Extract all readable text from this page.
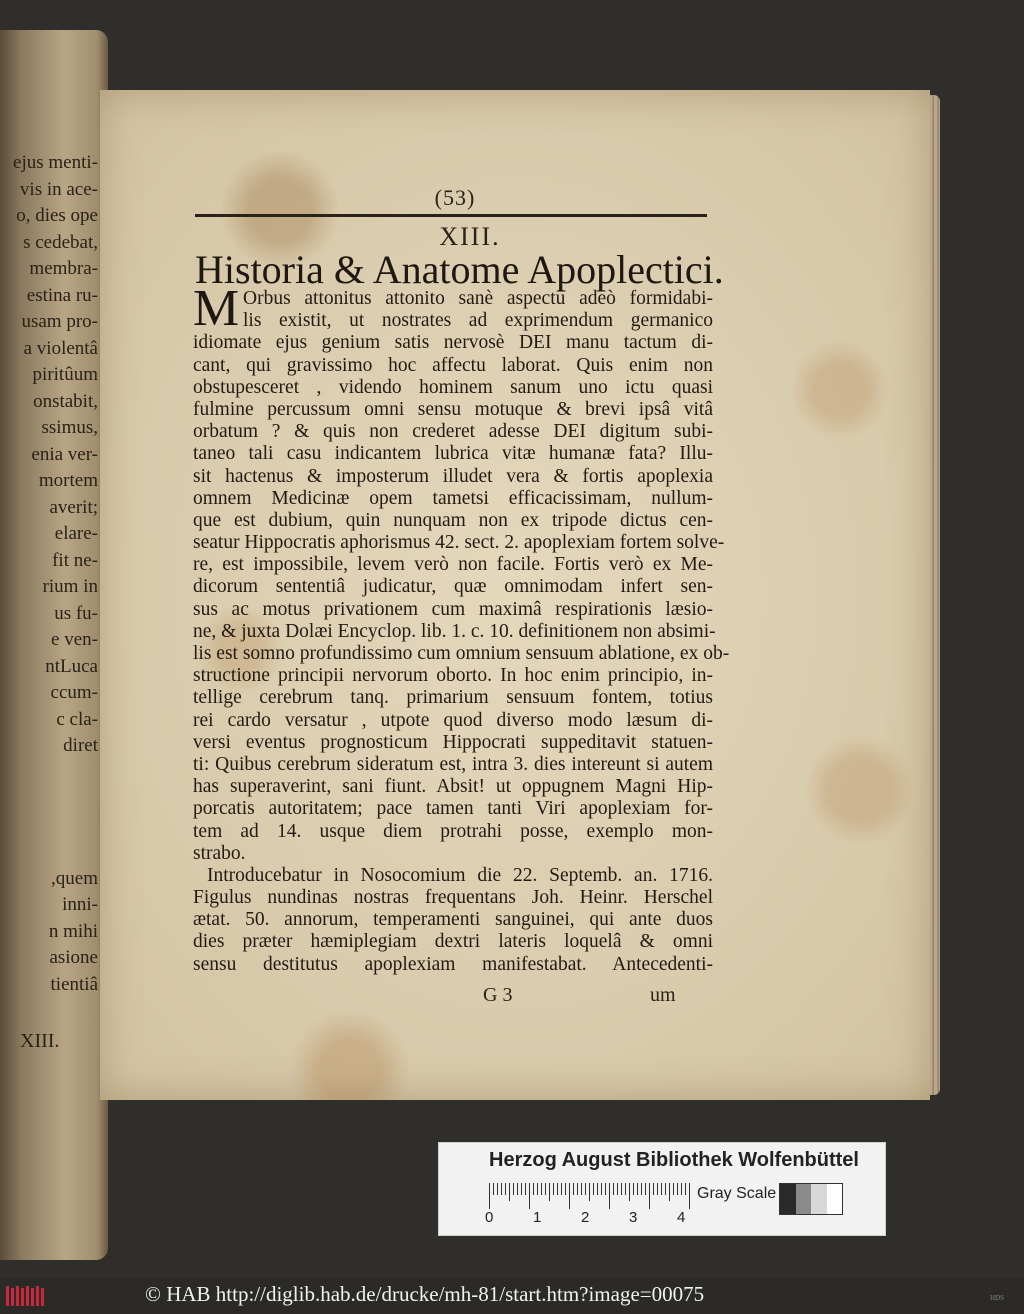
ejus menti-
vis in ace-
o, dies ope
s cedebat,
membra-
estina ru-
usam pro-
a violentâ
piritûum
onstabit,
ssimus,
enia ver-
mortem
averit;
elare-
fit ne-
rium in
us fu-
e ven-
ntLuca
ccum-
c cla-
diret
,quem
inni-
n mihi
asione
tientiâ
XIII.
(53)
XIII.
Historia & Anatome Apoplectici.
M Orbus attonitus attonito sanè aspectu adeò formidabi-
lis existit, ut nostrates ad exprimendum germanico
idiomate ejus genium satis nervosè DEI manu tactum di-
cant, qui gravissimo hoc affectu laborat. Quis enim non
obstupesceret , videndo hominem sanum uno ictu quasi
fulmine percussum omni sensu motuque & brevi ipsâ vitâ
orbatum ? & quis non crederet adesse DEI digitum subi-
taneo tali casu indicantem lubrica vitæ humanæ fata? Illu-
sit hactenus & imposterum illudet vera & fortis apoplexia
omnem Medicinæ opem tametsi efficacissimam, nullum-
que est dubium, quin nunquam non ex tripode dictus cen-
seatur Hippocratis aphorismus 42. sect. 2. apoplexiam fortem solve-
re, est impossibile, levem verò non facile. Fortis verò ex Me-
dicorum sententiâ judicatur, quæ omnimodam infert sen-
sus ac motus privationem cum maximâ respirationis læsio-
ne, & juxta Dolæi Encyclop. lib. 1. c. 10. definitionem non absimi-
lis est somno profundissimo cum omnium sensuum ablatione, ex ob-
structione principii nervorum oborto. In hoc enim principio, in-
tellige cerebrum tanq. primarium sensuum fontem, totius
rei cardo versatur , utpote quod diverso modo læsum di-
versi eventus prognosticum Hippocrati suppeditavit statuen-
ti: Quibus cerebrum sideratum est, intra 3. dies intereunt si autem
has superaverint, sani fiunt. Absit! ut oppugnem Magni Hip-
porcatis autoritatem; pace tamen tanti Viri apoplexiam for-
tem ad 14. usque diem protrahi posse, exemplo mon-
strabo.
Introducebatur in Nosocomium die 22. Septemb. an. 1716.
Figulus nundinas nostras frequentans Joh. Heinr. Herschel
ætat. 50. annorum, temperamenti sanguinei, qui ante duos
dies præter hæmiplegiam dextri lateris loquelâ & omni
sensu destitutus apoplexiam manifestabat. Antecedenti-
G 3	um
Herzog August Bibliothek Wolfenbüttel
0	1	2	3	4
Gray Scale
© HAB http://diglib.hab.de/drucke/mh-81/start.htm?image=00075	HDS
